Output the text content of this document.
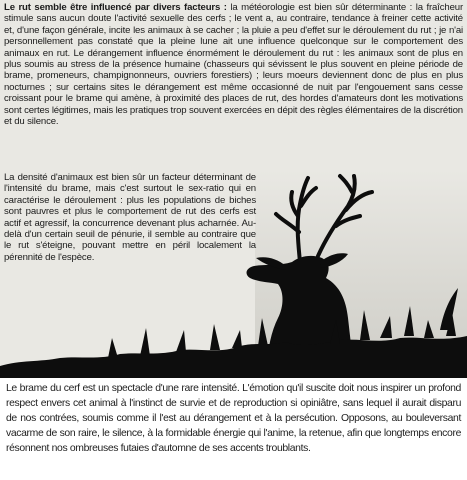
Le rut semble être influencé par divers facteurs : la météorologie est bien sûr déterminante : la fraîcheur stimule sans aucun doute l'activité sexuelle des cerfs ; le vent a, au contraire, tendance à freiner cette activité et, d'une façon générale, incite les animaux à se cacher ; la pluie a peu d'effet sur le déroulement du rut ; je n'ai personnellement pas constaté que la pleine lune ait une influence quelconque sur le comportement des animaux en rut. Le dérangement influence énormément le déroulement du rut : les animaux sont de plus en plus soumis au stress de la présence humaine (chasseurs qui sévissent le plus souvent en pleine période de brame, promeneurs, champignonneurs, ouvriers forestiers) ; leurs moeurs deviennent donc de plus en plus nocturnes ; sur certains sites le dérangement est même occasionné de nuit par l'engouement sans cesse croissant pour le brame qui amène, à proximité des places de rut, des hordes d'amateurs dont les motivations sont certes légitimes, mais les pratiques trop souvent exercées en dépit des règles élémentaires de la discrétion et du silence.
La densité d'animaux est bien sûr un facteur déterminant de l'intensité du brame, mais c'est surtout le sex-ratio qui en caractérise le déroulement : plus les populations de biches sont pauvres et plus le comportement de rut des cerfs est actif et agressif, la concurrence devenant plus acharnée. Au-delà d'un certain seuil de pénurie, il semble au contraire que le rut s'éteigne, pouvant mettre en péril localement la pérennité de l'espèce.

Le brame du cerf est un spectacle d'une rare intensité. L'émotion qu'il suscite doit nous inspirer un profond respect envers cet animal à l'instinct de survie et de reproduction si opiniâtre, sans lequel il aurait disparu de nos contrées, soumis comme il l'est au dérangement et à la persécution. Opposons, au bouleversant vacarme de son raire, le silence, à la formidable énergie qui l'anime, la retenue, afin que longtemps encore résonnent nos ombreuses futaies d'automne de ses accents troublants.
